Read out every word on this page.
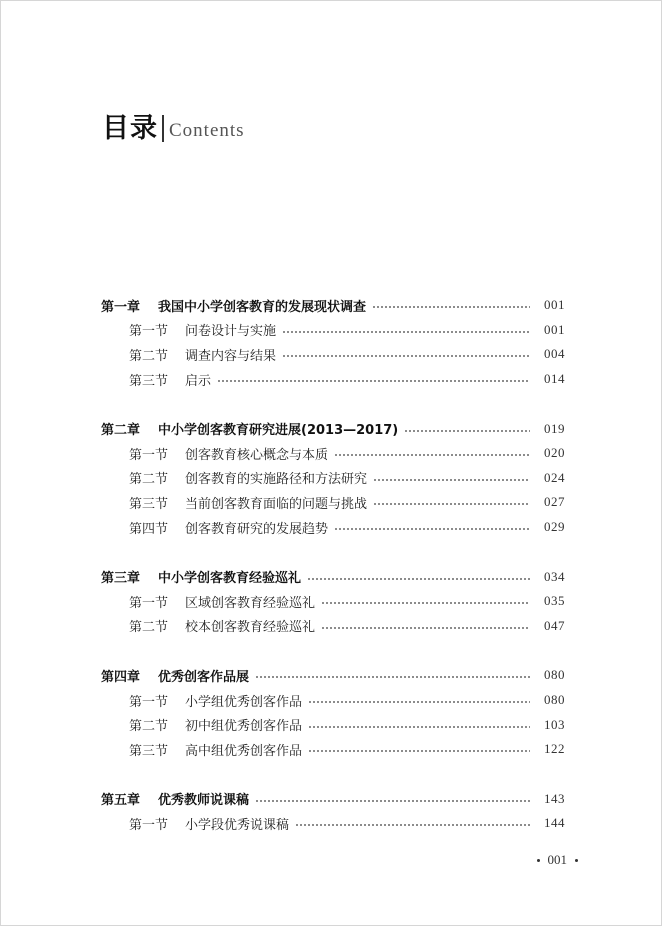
目录 Contents
第一章 我国中小学创客教育的发展现状调查	001
第一节 问卷设计与实施	001
第二节 调查内容与结果	004
第三节 启示	014
第二章 中小学创客教育研究进展(2013—2017)	019
第一节 创客教育核心概念与本质	020
第二节 创客教育的实施路径和方法研究	024
第三节 当前创客教育面临的问题与挑战	027
第四节 创客教育研究的发展趋势	029
第三章 中小学创客教育经验巡礼	034
第一节 区域创客教育经验巡礼	035
第二节 校本创客教育经验巡礼	047
第四章 优秀创客作品展	080
第一节 小学组优秀创客作品	080
第二节 初中组优秀创客作品	103
第三节 高中组优秀创客作品	122
第五章 优秀教师说课稿	143
第一节 小学段优秀说课稿	144
001
